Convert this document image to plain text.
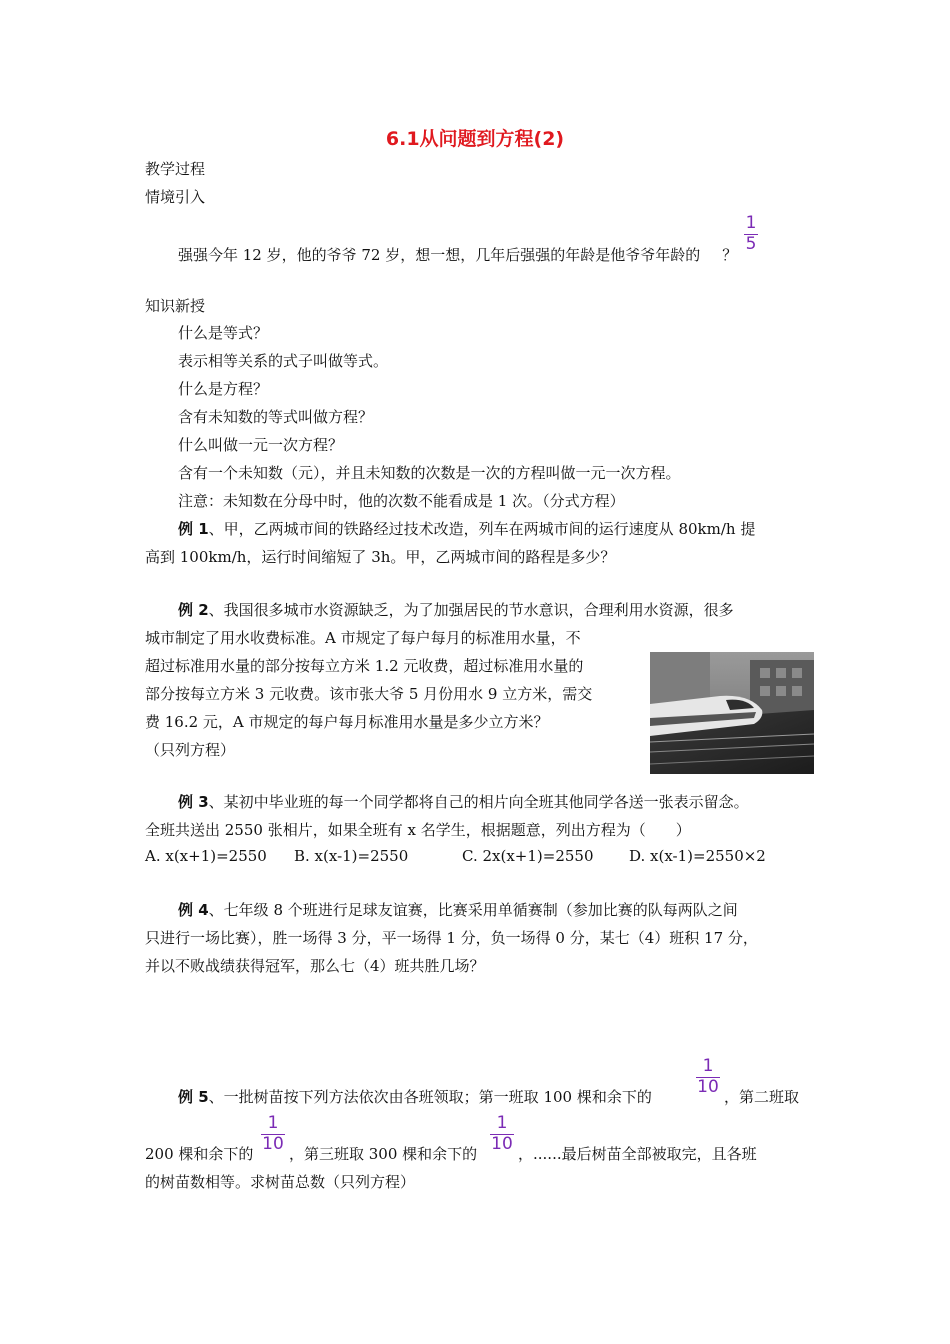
6.1从问题到方程(2)
教学过程
情境引入
强强今年 12 岁，他的爷爷 72 岁，想一想，几年后强强的年龄是他爷爷年龄的 ？
1
5
知识新授
什么是等式？
表示相等关系的式子叫做等式。
什么是方程？
含有未知数的等式叫做方程？
什么叫做一元一次方程？
含有一个未知数（元），并且未知数的次数是一次的方程叫做一元一次方程。
注意：未知数在分母中时，他的次数不能看成是 1 次。（分式方程）
例 1、甲，乙两城市间的铁路经过技术改造，列车在两城市间的运行速度从 80km/h 提
高到 100km/h，运行时间缩短了 3h。甲，乙两城市间的路程是多少？
例 2、我国很多城市水资源缺乏，为了加强居民的节水意识，合理利用水资源，很多
城市制定了用水收费标准。A 市规定了每户每月的标准用水量，不
超过标准用水量的部分按每立方米 1.2 元收费，超过标准用水量的
部分按每立方米 3 元收费。该市张大爷 5 月份用水 9 立方米，需交
费 16.2 元，A 市规定的每户每月标准用水量是多少立方米？
（只列方程）
例 3、某初中毕业班的每一个同学都将自己的相片向全班其他同学各送一张表示留念。
全班共送出 2550 张相片，如果全班有 x 名学生，根据题意，列出方程为（　　）
A. x(x+1)=2550 B. x(x-1)=2550	C. 2x(x+1)=2550 D. x(x-1)=2550×2
例 4、七年级 8 个班进行足球友谊赛，比赛采用单循赛制（参加比赛的队每两队之间
只进行一场比赛），胜一场得 3 分，平一场得 1 分，负一场得 0 分，某七（4）班积 17 分，
并以不败战绩获得冠军，那么七（4）班共胜几场？
例 5、一批树苗按下列方法依次由各班领取；第一班取 100 棵和余下的
1
10 ，第二班取
200 棵和余下的
1
10 ，第三班取 300 棵和余下的
1
10 ，......最后树苗全部被取完，且各班
的树苗数相等。求树苗总数（只列方程）
